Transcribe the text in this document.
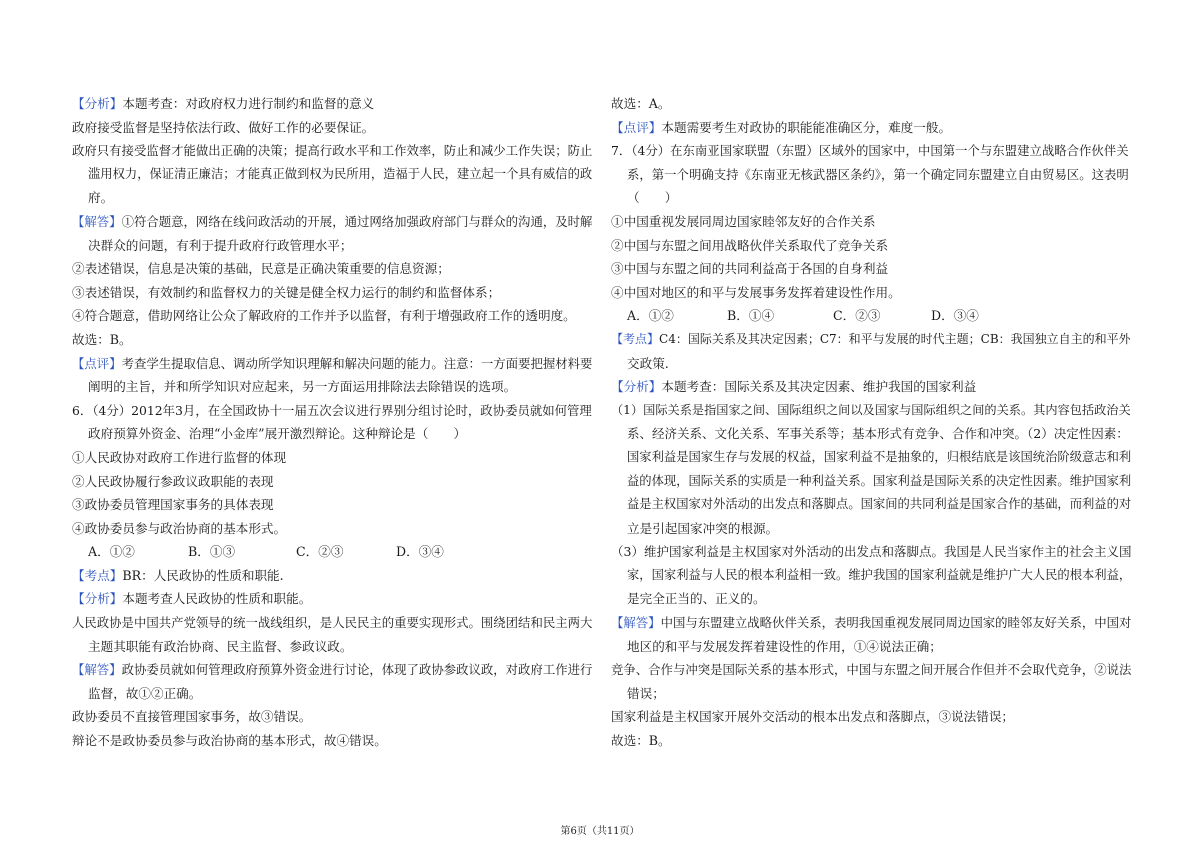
【分析】本题考查：对政府权力进行制约和监督的意义
政府接受监督是坚持依法行政、做好工作的必要保证。
政府只有接受监督才能做出正确的决策；提高行政水平和工作效率，防止和减少工作失误；防止
滥用权力，保证清正廉洁；才能真正做到权为民所用，造福于人民，建立起一个具有威信的政
府。
【解答】①符合题意，网络在线问政活动的开展，通过网络加强政府部门与群众的沟通，及时解
决群众的问题，有利于提升政府行政管理水平；
②表述错误，信息是决策的基础，民意是正确决策重要的信息资源；
③表述错误，有效制约和监督权力的关键是健全权力运行的制约和监督体系；
④符合题意，借助网络让公众了解政府的工作并予以监督，有利于增强政府工作的透明度。
故选：B。
【点评】考查学生提取信息、调动所学知识理解和解决问题的能力。注意：一方面要把握材料要
阐明的主旨，并和所学知识对应起来，另一方面运用排除法去除错误的选项。
6．（4分）2012年3月，在全国政协十一届五次会议进行界别分组讨论时，政协委员就如何管理
政府预算外资金、治理“小金库”展开激烈辩论。这种辩论是（　　）
①人民政协对政府工作进行监督的体现
②人民政协履行参政议政职能的表现
③政协委员管理国家事务的具体表现
④政协委员参与政治协商的基本形式。
A．①②	B．①③	C．②③	D．③④
【考点】BR：人民政协的性质和职能.
【分析】本题考查人民政协的性质和职能。
人民政协是中国共产党领导的统一战线组织，是人民民主的重要实现形式。围绕团结和民主两大
主题其职能有政治协商、民主监督、参政议政。
【解答】政协委员就如何管理政府预算外资金进行讨论，体现了政协参政议政，对政府工作进行
监督，故①②正确。
政协委员不直接管理国家事务，故③错误。
辩论不是政协委员参与政治协商的基本形式，故④错误。
故选：A。
【点评】本题需要考生对政协的职能能准确区分，难度一般。
7．（4分）在东南亚国家联盟（东盟）区域外的国家中，中国第一个与东盟建立战略合作伙伴关
系，第一个明确支持《东南亚无核武器区条约》，第一个确定同东盟建立自由贸易区。这表明
（　　）
①中国重视发展同周边国家睦邻友好的合作关系
②中国与东盟之间用战略伙伴关系取代了竞争关系
③中国与东盟之间的共同利益高于各国的自身利益
④中国对地区的和平与发展事务发挥着建设性作用。
A．①②	B．①④	C．②③	D．③④
【考点】C4：国际关系及其决定因素；C7：和平与发展的时代主题；CB：我国独立自主的和平外
交政策.
【分析】本题考查：国际关系及其决定因素、维护我国的国家利益
（1）国际关系是指国家之间、国际组织之间以及国家与国际组织之间的关系。其内容包括政治关
系、经济关系、文化关系、军事关系等；基本形式有竞争、合作和冲突。（2）决定性因素：
国家利益是国家生存与发展的权益，国家利益不是抽象的，归根结底是该国统治阶级意志和利
益的体现，国际关系的实质是一种利益关系。国家利益是国际关系的决定性因素。维护国家利
益是主权国家对外活动的出发点和落脚点。国家间的共同利益是国家合作的基础，而利益的对
立是引起国家冲突的根源。
（3）维护国家利益是主权国家对外活动的出发点和落脚点。我国是人民当家作主的社会主义国
家，国家利益与人民的根本利益相一致。维护我国的国家利益就是维护广大人民的根本利益，
是完全正当的、正义的。
【解答】中国与东盟建立战略伙伴关系，表明我国重视发展同周边国家的睦邻友好关系，中国对
地区的和平与发展发挥着建设性的作用，①④说法正确；
竞争、合作与冲突是国际关系的基本形式，中国与东盟之间开展合作但并不会取代竞争，②说法
错误；
国家利益是主权国家开展外交活动的根本出发点和落脚点，③说法错误；
故选：B。
第6页（共11页）
